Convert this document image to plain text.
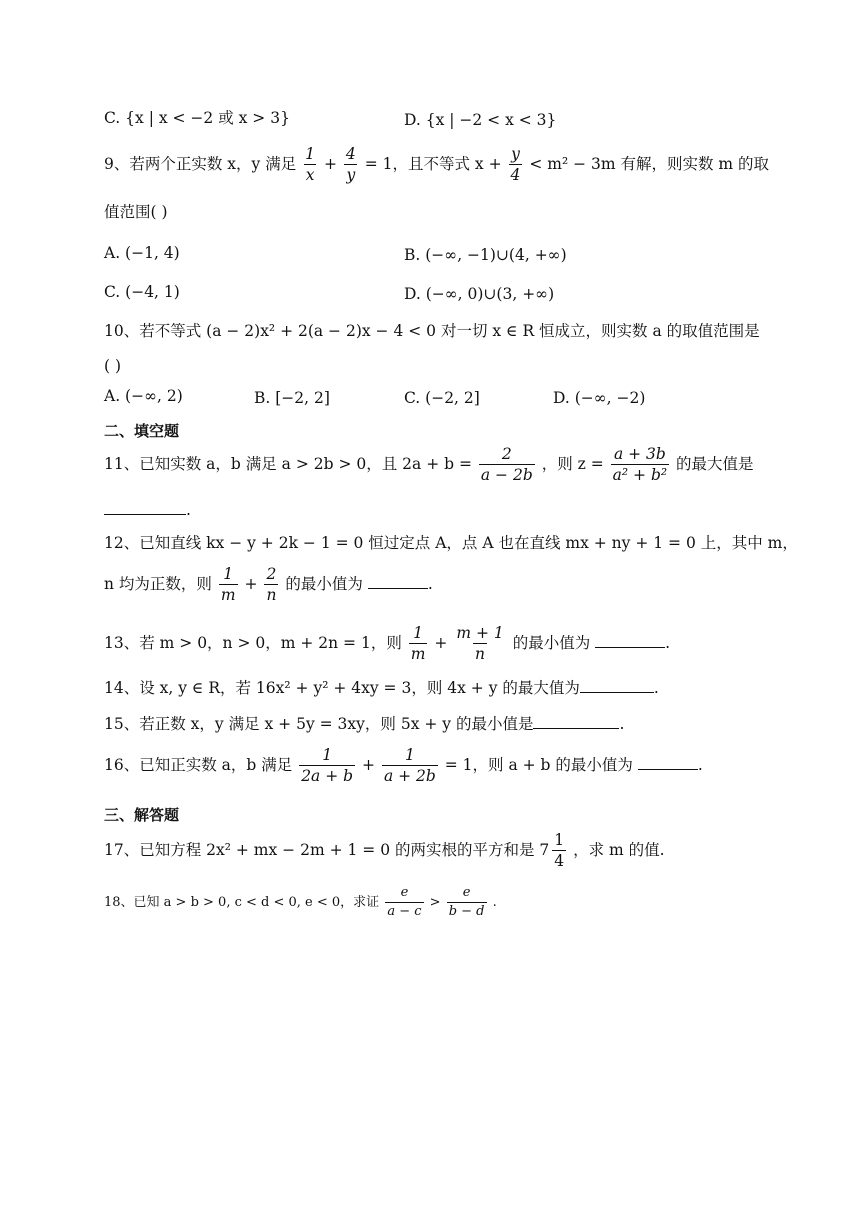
C. {x | x < −2 或 x > 3}	D. {x | −2 < x < 3}
9、若两个正实数 x，y 满足 $\frac{1}{x} + \frac{4}{y} = 1$，且不等式 $x + \frac{y}{4} < m^2 - 3m$ 有解，则实数 m 的取
值范围( )
A. (−1, 4)	B. (−∞, −1)∪(4, +∞)
C. (−4, 1)	D. (−∞, 0)∪(3, +∞)
10、若不等式 (a − 2)x² + 2(a − 2)x − 4 < 0 对一切 x ∈ R 恒成立，则实数 a 的取值范围是
( )
A. (−∞, 2)	B. [−2, 2]	C. (−2, 2]	D. (−∞, −2)
二、填空题
11、已知实数 a，b 满足 a > 2b > 0，且 $2a + b = \frac{2}{a - 2b}$ ，则 $z = \frac{a + 3b}{\text{a² + b²}}$ 的最大值是
.
12、已知直线 kx − y + 2k − 1 = 0 恒过定点 A，点 A 也在直线 mx + ny + 1 = 0 上，其中 m，
n 均为正数，则 $\frac{1}{m} + \frac{2}{n}$ 的最小值为	.
13、若 m > 0，n > 0，m + 2n = 1，则 $\frac{1}{m} + \frac{m + 1}{n}$ 的最小值为	.
14、设 x, y ∈ R，若 16x² + y² + 4xy = 3，则 4x + y 的最大值为	.
15、若正数 x，y 满足 x + 5y = 3xy，则 5x + y 的最小值是	.
16、已知正实数 a，b 满足 $\frac{1}{2a + b} + \frac{1}{a + 2b} = 1$，则 a + b 的最小值为	.
三、解答题
17、已知方程 2x² + mx − 2m + 1 = 0 的两实根的平方和是 $7 \frac{1}{4}$ ，求 m 的值.
18、已知 a > b > 0, c < d < 0, e < 0，求证 $\frac{e}{a - c} > \frac{e}{b - d}$ .
